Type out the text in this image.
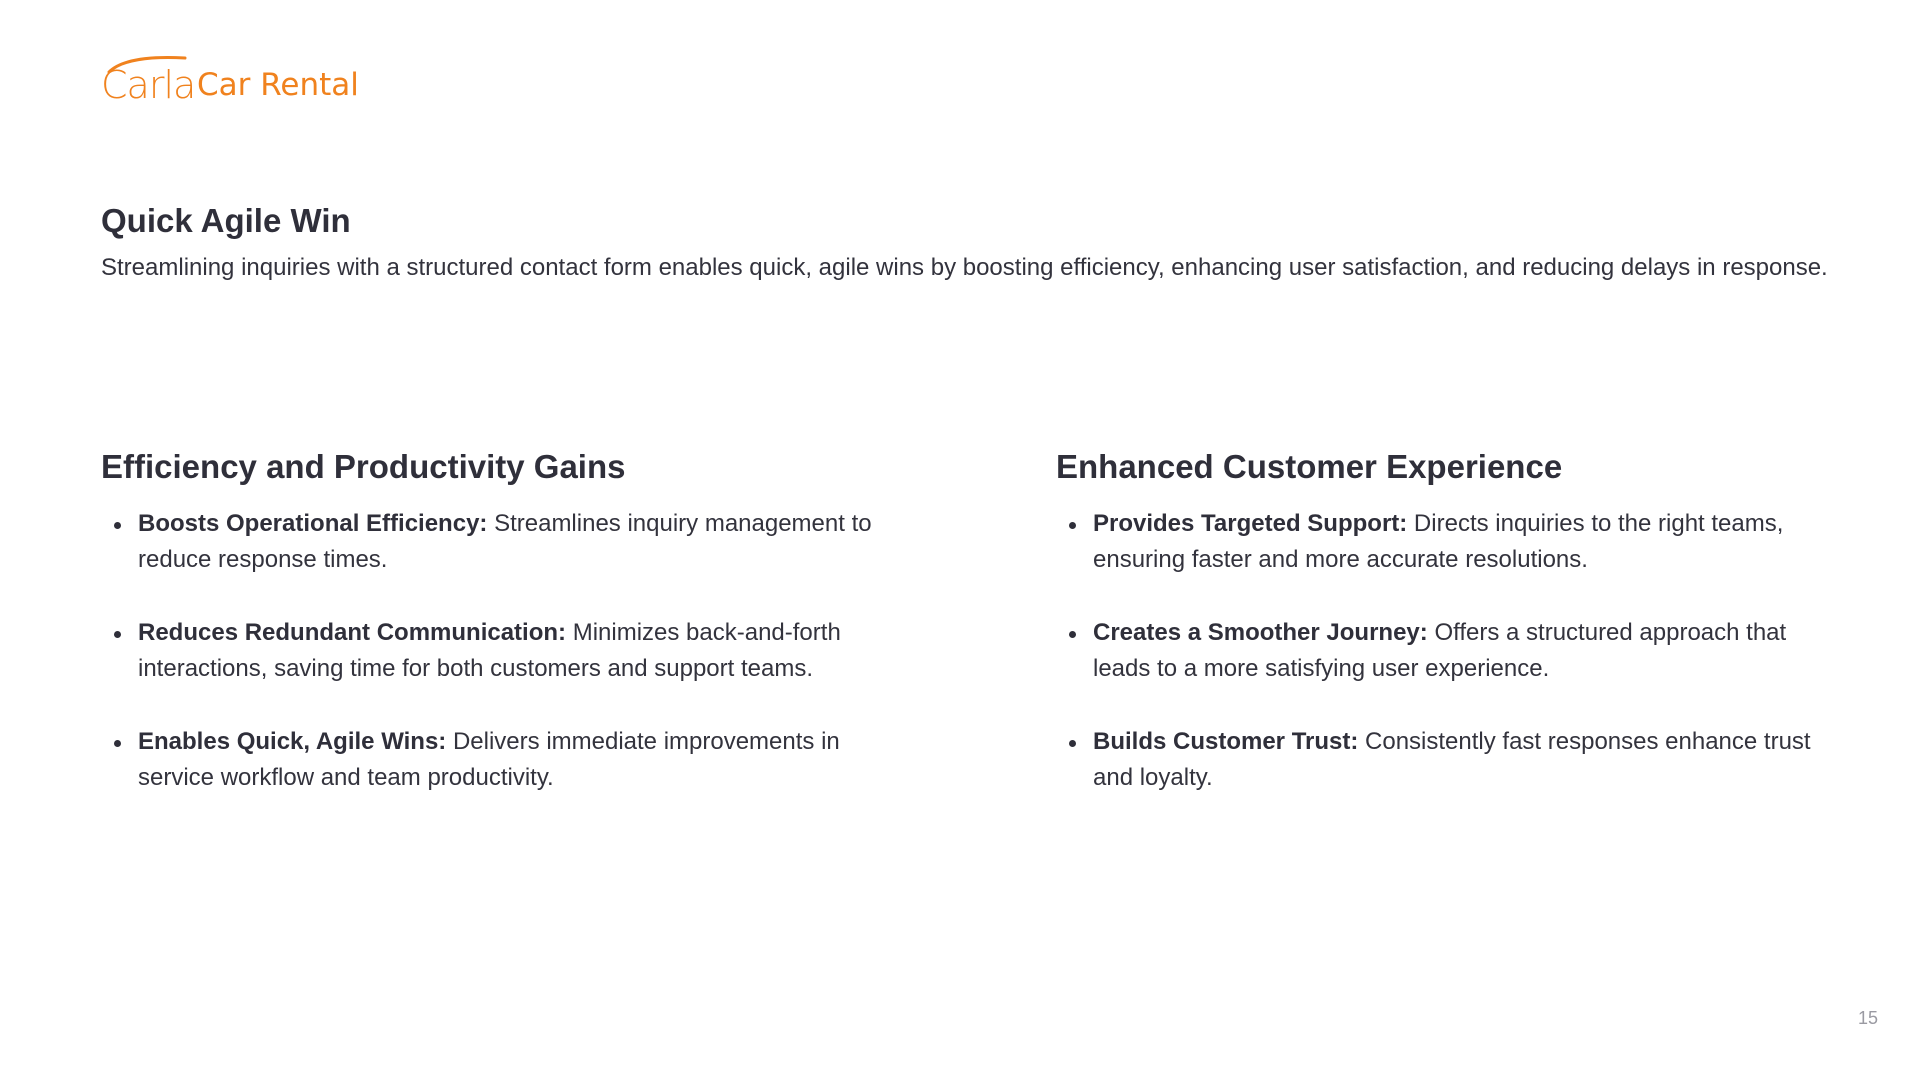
Carla Car Rental
Quick Agile Win

Streamlining inquiries with a structured contact form enables quick, agile wins by boosting efficiency, enhancing user satisfaction, and reducing delays in response.

Efficiency and Productivity Gains
Boosts Operational Efficiency: Streamlines inquiry management to reduce response times.
Reduces Redundant Communication: Minimizes back-and-forth interactions, saving time for both customers and support teams.
Enables Quick, Agile Wins: Delivers immediate improvements in service workflow and team productivity.
Enhanced Customer Experience
Provides Targeted Support: Directs inquiries to the right teams, ensuring faster and more accurate resolutions.
Creates a Smoother Journey: Offers a structured approach that leads to a more satisfying user experience.
Builds Customer Trust: Consistently fast responses enhance trust and loyalty.
15
